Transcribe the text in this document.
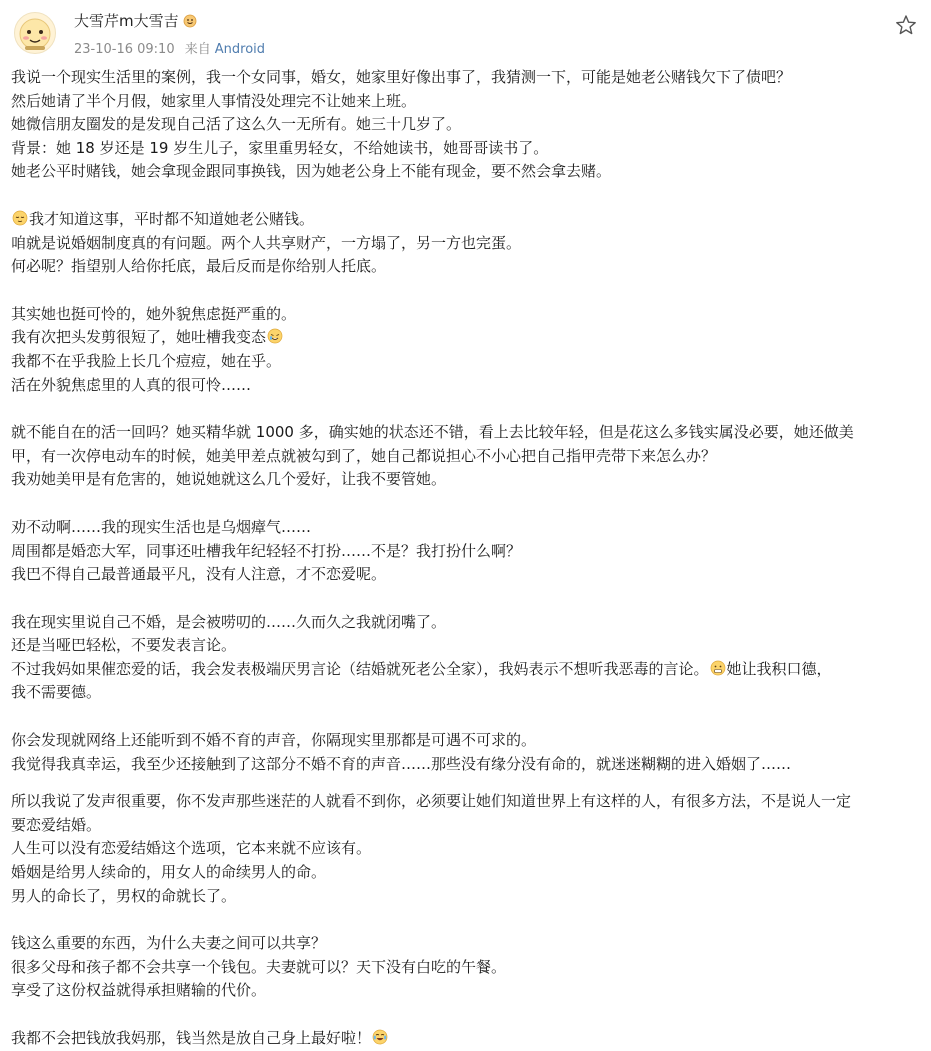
大雪芹m大雪吉
23-10-16 09:10 来自 Android
我说一个现实生活里的案例，我一个女同事，婚女，她家里好像出事了，我猜测一下，可能是她老公赌钱欠下了债吧？
然后她请了半个月假，她家里人事情没处理完不让她来上班。
她微信朋友圈发的是发现自己活了这么久一无所有。她三十几岁了。
背景：她 18 岁还是 19 岁生儿子，家里重男轻女，不给她读书，她哥哥读书了。
她老公平时赌钱，她会拿现金跟同事换钱，因为她老公身上不能有现金，要不然会拿去赌。
我才知道这事，平时都不知道她老公赌钱。
咱就是说婚姻制度真的有问题。两个人共享财产，一方塌了，另一方也完蛋。
何必呢？指望别人给你托底，最后反而是你给别人托底。
其实她也挺可怜的，她外貌焦虑挺严重的。
我有次把头发剪很短了，她吐槽我变态
我都不在乎我脸上长几个痘痘，她在乎。
活在外貌焦虑里的人真的很可怜……
就不能自在的活一回吗？她买精华就 1000 多，确实她的状态还不错，看上去比较年轻，但是花这么多钱实属没必要，她还做美
甲，有一次停电动车的时候，她美甲差点就被勾到了，她自己都说担心不小心把自己指甲壳带下来怎么办？
我劝她美甲是有危害的，她说她就这么几个爱好，让我不要管她。
劝不动啊……我的现实生活也是乌烟瘴气……
周围都是婚恋大军，同事还吐槽我年纪轻轻不打扮……不是？我打扮什么啊？
我巴不得自己最普通最平凡，没有人注意，才不恋爱呢。
我在现实里说自己不婚，是会被唠叨的……久而久之我就闭嘴了。
还是当哑巴轻松，不要发表言论。
不过我妈如果催恋爱的话，我会发表极端厌男言论（结婚就死老公全家），我妈表示不想听我恶毒的言论。 她让我积口德，
我不需要德。
你会发现就网络上还能听到不婚不育的声音，你隔现实里那都是可遇不可求的。
我觉得我真幸运，我至少还接触到了这部分不婚不育的声音……那些没有缘分没有命的，就迷迷糊糊的进入婚姻了……
所以我说了发声很重要，你不发声那些迷茫的人就看不到你，必须要让她们知道世界上有这样的人，有很多方法，不是说人一定
要恋爱结婚。
人生可以没有恋爱结婚这个选项，它本来就不应该有。
婚姻是给男人续命的，用女人的命续男人的命。
男人的命长了，男权的命就长了。
钱这么重要的东西，为什么夫妻之间可以共享？
很多父母和孩子都不会共享一个钱包。夫妻就可以？天下没有白吃的午餐。
享受了这份权益就得承担赌输的代价。
我都不会把钱放我妈那，钱当然是放自己身上最好啦！
